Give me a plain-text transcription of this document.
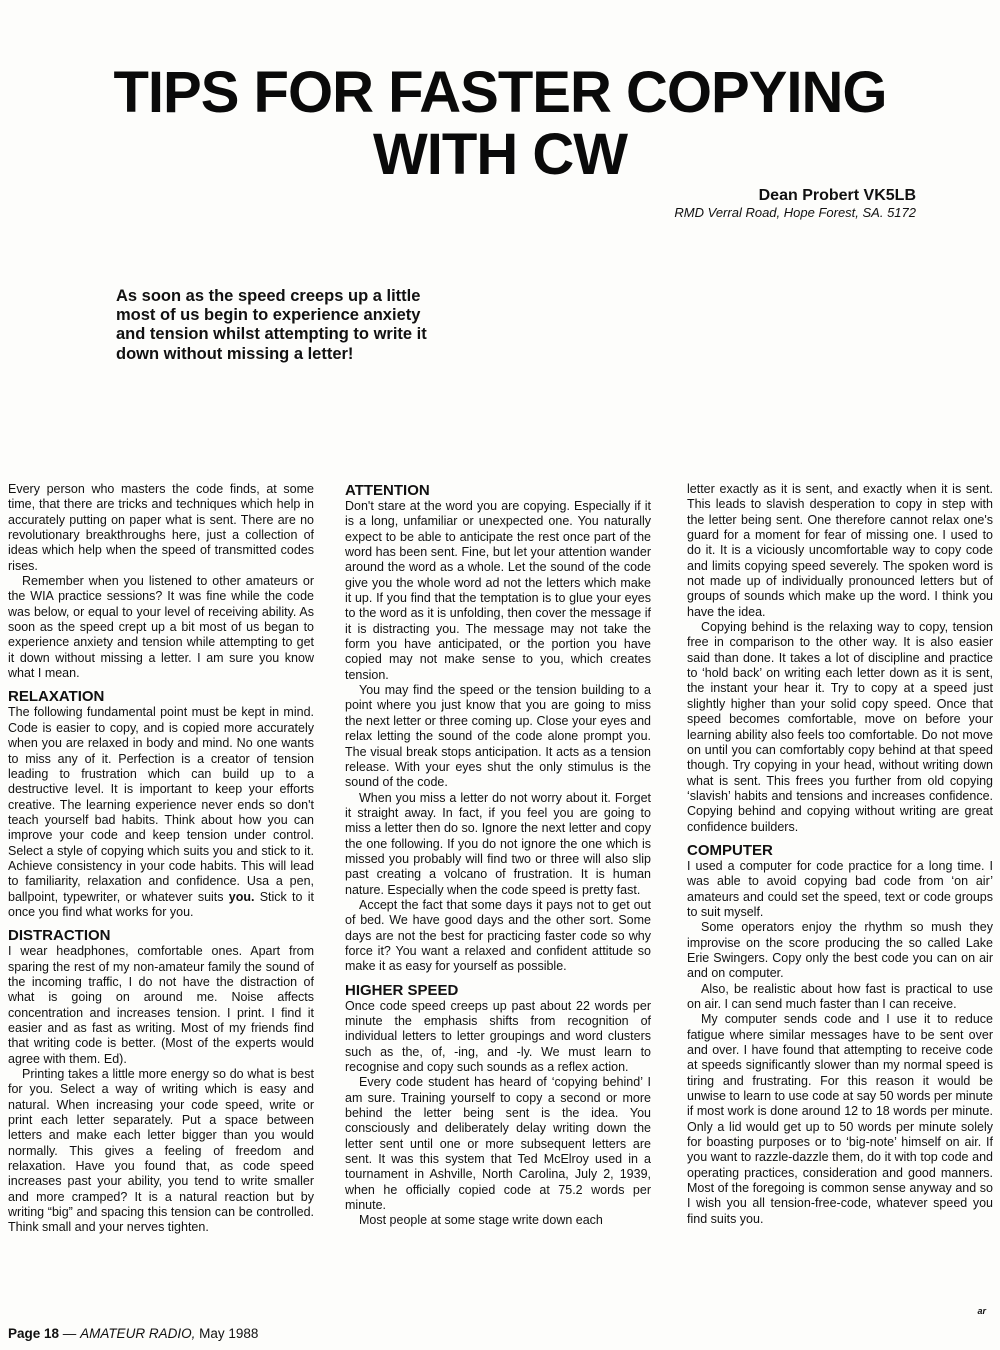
TIPS FOR FASTER COPYING
WITH CW
Dean Probert VK5LB
RMD Verral Road, Hope Forest, SA. 5172

As soon as the speed creeps up a little most of us begin to experience anxiety and tension whilst attempting to write it down without missing a letter!

Every person who masters the code finds, at some time, that there are tricks and techniques which help in accurately putting on paper what is sent. There are no revolutionary breakthroughs here, just a collection of ideas which help when the speed of transmitted codes rises.

Remember when you listened to other amateurs or the WIA practice sessions? It was fine while the code was below, or equal to your level of receiving ability. As soon as the speed crept up a bit most of us began to experience anxiety and tension while attempting to get it down without missing a letter. I am sure you know what I mean.

RELAXATION

The following fundamental point must be kept in mind. Code is easier to copy, and is copied more accurately when you are relaxed in body and mind. No one wants to miss any of it. Perfection is a creator of tension leading to frustration which can build up to a destructive level. It is important to keep your efforts creative. The learning experience never ends so don't teach yourself bad habits. Think about how you can improve your code and keep tension under control. Select a style of copying which suits you and stick to it. Achieve consistency in your code habits. This will lead to familiarity, relaxation and confidence. Usa a pen, ballpoint, typewriter, or whatever suits you. Stick to it once you find what works for you.

DISTRACTION

I wear headphones, comfortable ones. Apart from sparing the rest of my non-amateur family the sound of the incoming traffic, I do not have the distraction of what is going on around me. Noise affects concentration and increases tension. I print. I find it easier and as fast as writing. Most of my friends find that writing code is better. (Most of the experts would agree with them. Ed).

Printing takes a little more energy so do what is best for you. Select a way of writing which is easy and natural. When increasing your code speed, write or print each letter separately. Put a space between letters and make each letter bigger than you would normally. This gives a feeling of freedom and relaxation. Have you found that, as code speed increases past your ability, you tend to write smaller and more cramped? It is a natural reaction but by writing “big” and spacing this tension can be controlled. Think small and your nerves tighten.

ATTENTION

Don't stare at the word you are copying. Especially if it is a long, unfamiliar or unexpected one. You naturally expect to be able to anticipate the rest once part of the word has been sent. Fine, but let your attention wander around the word as a whole. Let the sound of the code give you the whole word ad not the letters which make it up. If you find that the temptation is to glue your eyes to the word as it is unfolding, then cover the message if it is distracting you. The message may not take the form you have anticipated, or the portion you have copied may not make sense to you, which creates tension.

You may find the speed or the tension building to a point where you just know that you are going to miss the next letter or three coming up. Close your eyes and relax letting the sound of the code alone prompt you. The visual break stops anticipation. It acts as a tension release. With your eyes shut the only stimulus is the sound of the code.

When you miss a letter do not worry about it. Forget it straight away. In fact, if you feel you are going to miss a letter then do so. Ignore the next letter and copy the one following. If you do not ignore the one which is missed you probably will find two or three will also slip past creating a volcano of frustration. It is human nature. Especially when the code speed is pretty fast.

Accept the fact that some days it pays not to get out of bed. We have good days and the other sort. Some days are not the best for practicing faster code so why force it? You want a relaxed and confident attitude so make it as easy for yourself as possible.

HIGHER SPEED

Once code speed creeps up past about 22 words per minute the emphasis shifts from recognition of individual letters to letter groupings and word clusters such as the, of, -ing, and -ly. We must learn to recognise and copy such sounds as a reflex action.

Every code student has heard of ‘copying behind’ I am sure. Training yourself to copy a second or more behind the letter being sent is the idea. You consciously and deliberately delay writing down the letter sent until one or more subsequent letters are sent. It was this system that Ted McElroy used in a tournament in Ashville, North Carolina, July 2, 1939, when he officially copied code at 75.2 words per minute.

Most people at some stage write down each

letter exactly as it is sent, and exactly when it is sent. This leads to slavish desperation to copy in step with the letter being sent. One therefore cannot relax one's guard for a moment for fear of missing one. I used to do it. It is a viciously uncomfortable way to copy code and limits copying speed severely. The spoken word is not made up of individually pronounced letters but of groups of sounds which make up the word. I think you have the idea.

Copying behind is the relaxing way to copy, tension free in comparison to the other way. It is also easier said than done. It takes a lot of discipline and practice to ‘hold back’ on writing each letter down as it is sent, the instant your hear it. Try to copy at a speed just slightly higher than your solid copy speed. Once that speed becomes comfortable, move on before your learning ability also feels too comfortable. Do not move on until you can comfortably copy behind at that speed though. Try copying in your head, without writing down what is sent. This frees you further from old copying ‘slavish’ habits and tensions and increases confidence. Copying behind and copying without writing are great confidence builders.

COMPUTER

I used a computer for code practice for a long time. I was able to avoid copying bad code from ‘on air’ amateurs and could set the speed, text or code groups to suit myself.

Some operators enjoy the rhythm so mush they improvise on the score producing the so called Lake Erie Swingers. Copy only the best code you can on air and on computer.

Also, be realistic about how fast is practical to use on air. I can send much faster than I can receive.

My computer sends code and I use it to reduce fatigue where similar messages have to be sent over and over. I have found that attempting to receive code at speeds significantly slower than my normal speed is tiring and frustrating. For this reason it would be unwise to learn to use code at say 50 words per minute if most work is done around 12 to 18 words per minute. Only a lid would get up to 50 words per minute solely for boasting purposes or to ‘big-note’ himself on air. If you want to razzle-dazzle them, do it with top code and operating practices, consideration and good manners. Most of the foregoing is common sense anyway and so I wish you all tension-free-code, whatever speed you find suits you.

ar
Page 18 — AMATEUR RADIO, May 1988
